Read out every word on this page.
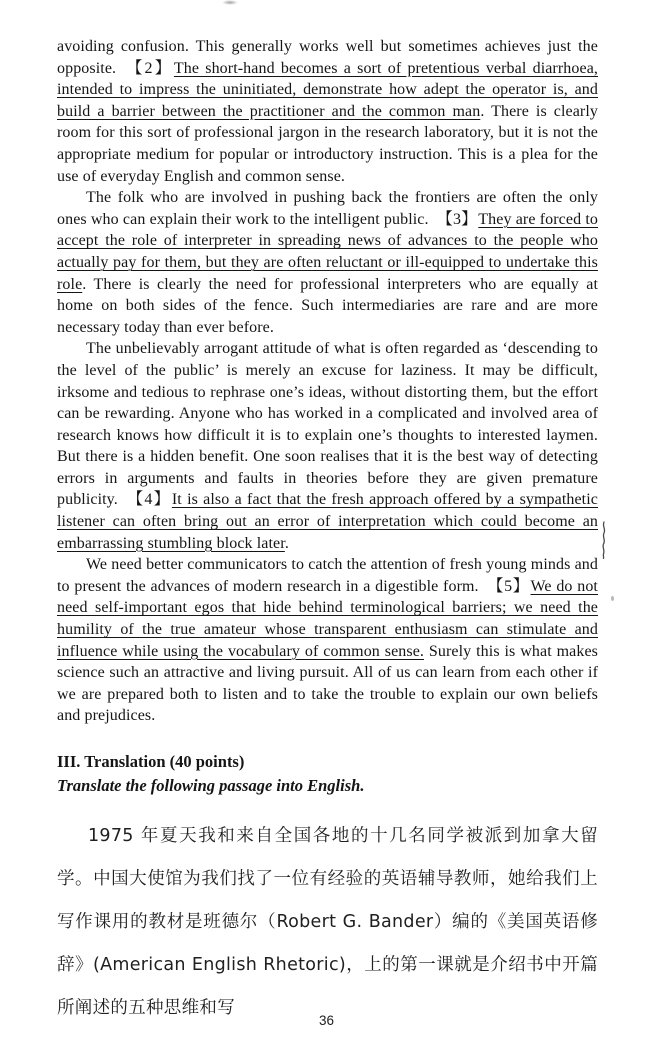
avoiding confusion. This generally works well but sometimes achieves just the opposite. 【2】The short-hand becomes a sort of pretentious verbal diarrhoea, intended to impress the uninitiated, demonstrate how adept the operator is, and build a barrier between the practitioner and the common man. There is clearly room for this sort of professional jargon in the research laboratory, but it is not the appropriate medium for popular or introductory instruction. This is a plea for the use of everyday English and common sense.

The folk who are involved in pushing back the frontiers are often the only ones who can explain their work to the intelligent public. 【3】They are forced to accept the role of interpreter in spreading news of advances to the people who actually pay for them, but they are often reluctant or ill-equipped to undertake this role. There is clearly the need for professional interpreters who are equally at home on both sides of the fence. Such intermediaries are rare and are more necessary today than ever before.

The unbelievably arrogant attitude of what is often regarded as ‘descending to the level of the public’ is merely an excuse for laziness. It may be difficult, irksome and tedious to rephrase one’s ideas, without distorting them, but the effort can be rewarding. Anyone who has worked in a complicated and involved area of research knows how difficult it is to explain one’s thoughts to interested laymen. But there is a hidden benefit. One soon realises that it is the best way of detecting errors in arguments and faults in theories before they are given premature publicity. 【4】It is also a fact that the fresh approach offered by a sympathetic listener can often bring out an error of interpretation which could become an embarrassing stumbling block later.

We need better communicators to catch the attention of fresh young minds and to present the advances of modern research in a digestible form. 【5】We do not need self-important egos that hide behind terminological barriers; we need the humility of the true amateur whose transparent enthusiasm can stimulate and influence while using the vocabulary of common sense. Surely this is what makes science such an attractive and living pursuit. All of us can learn from each other if we are prepared both to listen and to take the trouble to explain our own beliefs and prejudices.

III. Translation (40 points)

Translate the following passage into English.

1975 年夏天我和来自全国各地的十几名同学被派到加拿大留学。中国大使馆为我们找了一位有经验的英语辅导教师，她给我们上写作课用的教材是班德尔（Robert G. Bander）编的《美国英语修辞》(American English Rhetoric)，上的第一课就是介绍书中开篇所阐述的五种思维和写

36
